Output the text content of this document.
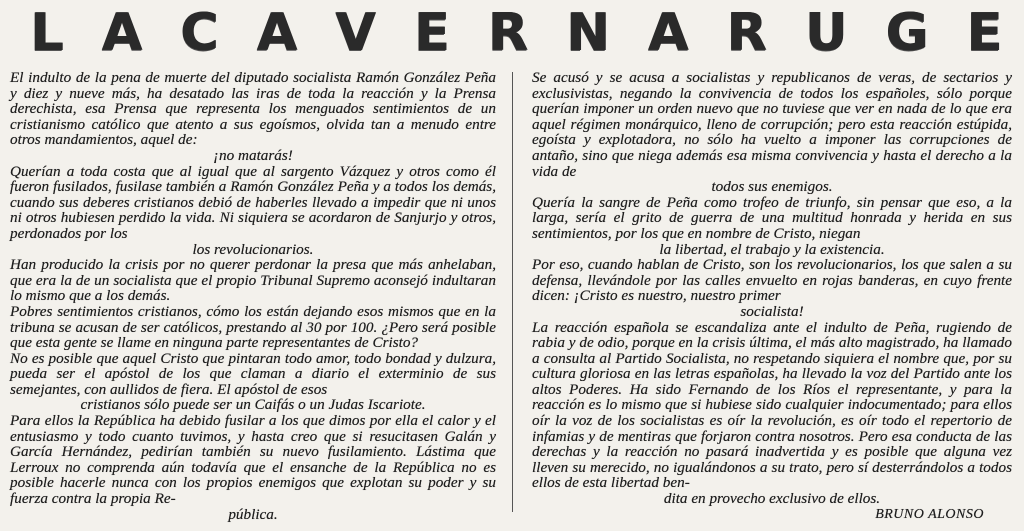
L A C A V E R N A R U G E

El indulto de la pena de muerte del diputado socialista Ramón González Peña y diez y nueve más, ha desatado las iras de toda la reacción y la Prensa derechista, esa Prensa que representa los menguados sentimientos de un cristianismo católico que atento a sus egoísmos, olvida tan a menudo entre otros mandamientos, aquel de:

¡no matarás!

Querían a toda costa que al igual que al sargento Vázquez y otros como él fueron fusilados, fusilase también a Ramón González Peña y a todos los demás, cuando sus deberes cristianos debió de haberles llevado a impedir que ni unos ni otros hubiesen perdido la vida. Ni siquiera se acordaron de Sanjurjo y otros, perdonados por los

los revolucionarios.

Han producido la crisis por no querer perdonar la presa que más anhelaban, que era la de un socialista que el propio Tribunal Supremo aconsejó indultaran lo mismo que a los demás.

Pobres sentimientos cristianos, cómo los están dejando esos mismos que en la tribuna se acusan de ser católicos, prestando al 30 por 100. ¿Pero será posible que esta gente se llame en ninguna parte representantes de Cristo?

No es posible que aquel Cristo que pintaran todo amor, todo bondad y dulzura, pueda ser el apóstol de los que claman a diario el exterminio de sus semejantes, con aullidos de fiera. El apóstol de esos

cristianos sólo puede ser un Caifás o un Judas Iscariote.

Para ellos la República ha debido fusilar a los que dimos por ella el calor y el entusiasmo y todo cuanto tuvimos, y hasta creo que si resucitasen Galán y García Hernández, pedirían también su nuevo fusilamiento. Lástima que Lerroux no comprenda aún todavía que el ensanche de la República no es posible hacerle nunca con los propios enemigos que explotan su poder y su fuerza contra la propia Re-

pública.

Se acusó y se acusa a socialistas y republicanos de veras, de sectarios y exclusivistas, negando la convivencia de todos los españoles, sólo porque querían imponer un orden nuevo que no tuviese que ver en nada de lo que era aquel régimen monárquico, lleno de corrupción; pero esta reacción estúpida, egoísta y explotadora, no sólo ha vuelto a imponer las corrupciones de antaño, sino que niega además esa misma convivencia y hasta el derecho a la vida de

todos sus enemigos.

Quería la sangre de Peña como trofeo de triunfo, sin pensar que eso, a la larga, sería el grito de guerra de una multitud honrada y herida en sus sentimientos, por los que en nombre de Cristo, niegan

la libertad, el trabajo y la existencia.

Por eso, cuando hablan de Cristo, son los revolucionarios, los que salen a su defensa, llevándole por las calles envuelto en rojas banderas, en cuyo frente dicen: ¡Cristo es nuestro, nuestro primer

socialista!

La reacción española se escandaliza ante el indulto de Peña, rugiendo de rabia y de odio, porque en la crisis última, el más alto magistrado, ha llamado a consulta al Partido Socialista, no respetando siquiera el nombre que, por su cultura gloriosa en las letras españolas, ha llevado la voz del Partido ante los altos Poderes. Ha sido Fernando de los Ríos el representante, y para la reacción es lo mismo que si hubiese sido cualquier indocumentado; para ellos oír la voz de los socialistas es oír la revolución, es oír todo el repertorio de infamias y de mentiras que forjaron contra nosotros. Pero esa conducta de las derechas y la reacción no pasará inadvertida y es posible que alguna vez lleven su merecido, no igualándonos a su trato, pero sí desterrándolos a todos ellos de esta libertad ben-

dita en provecho exclusivo de ellos.

BRUNO ALONSO
